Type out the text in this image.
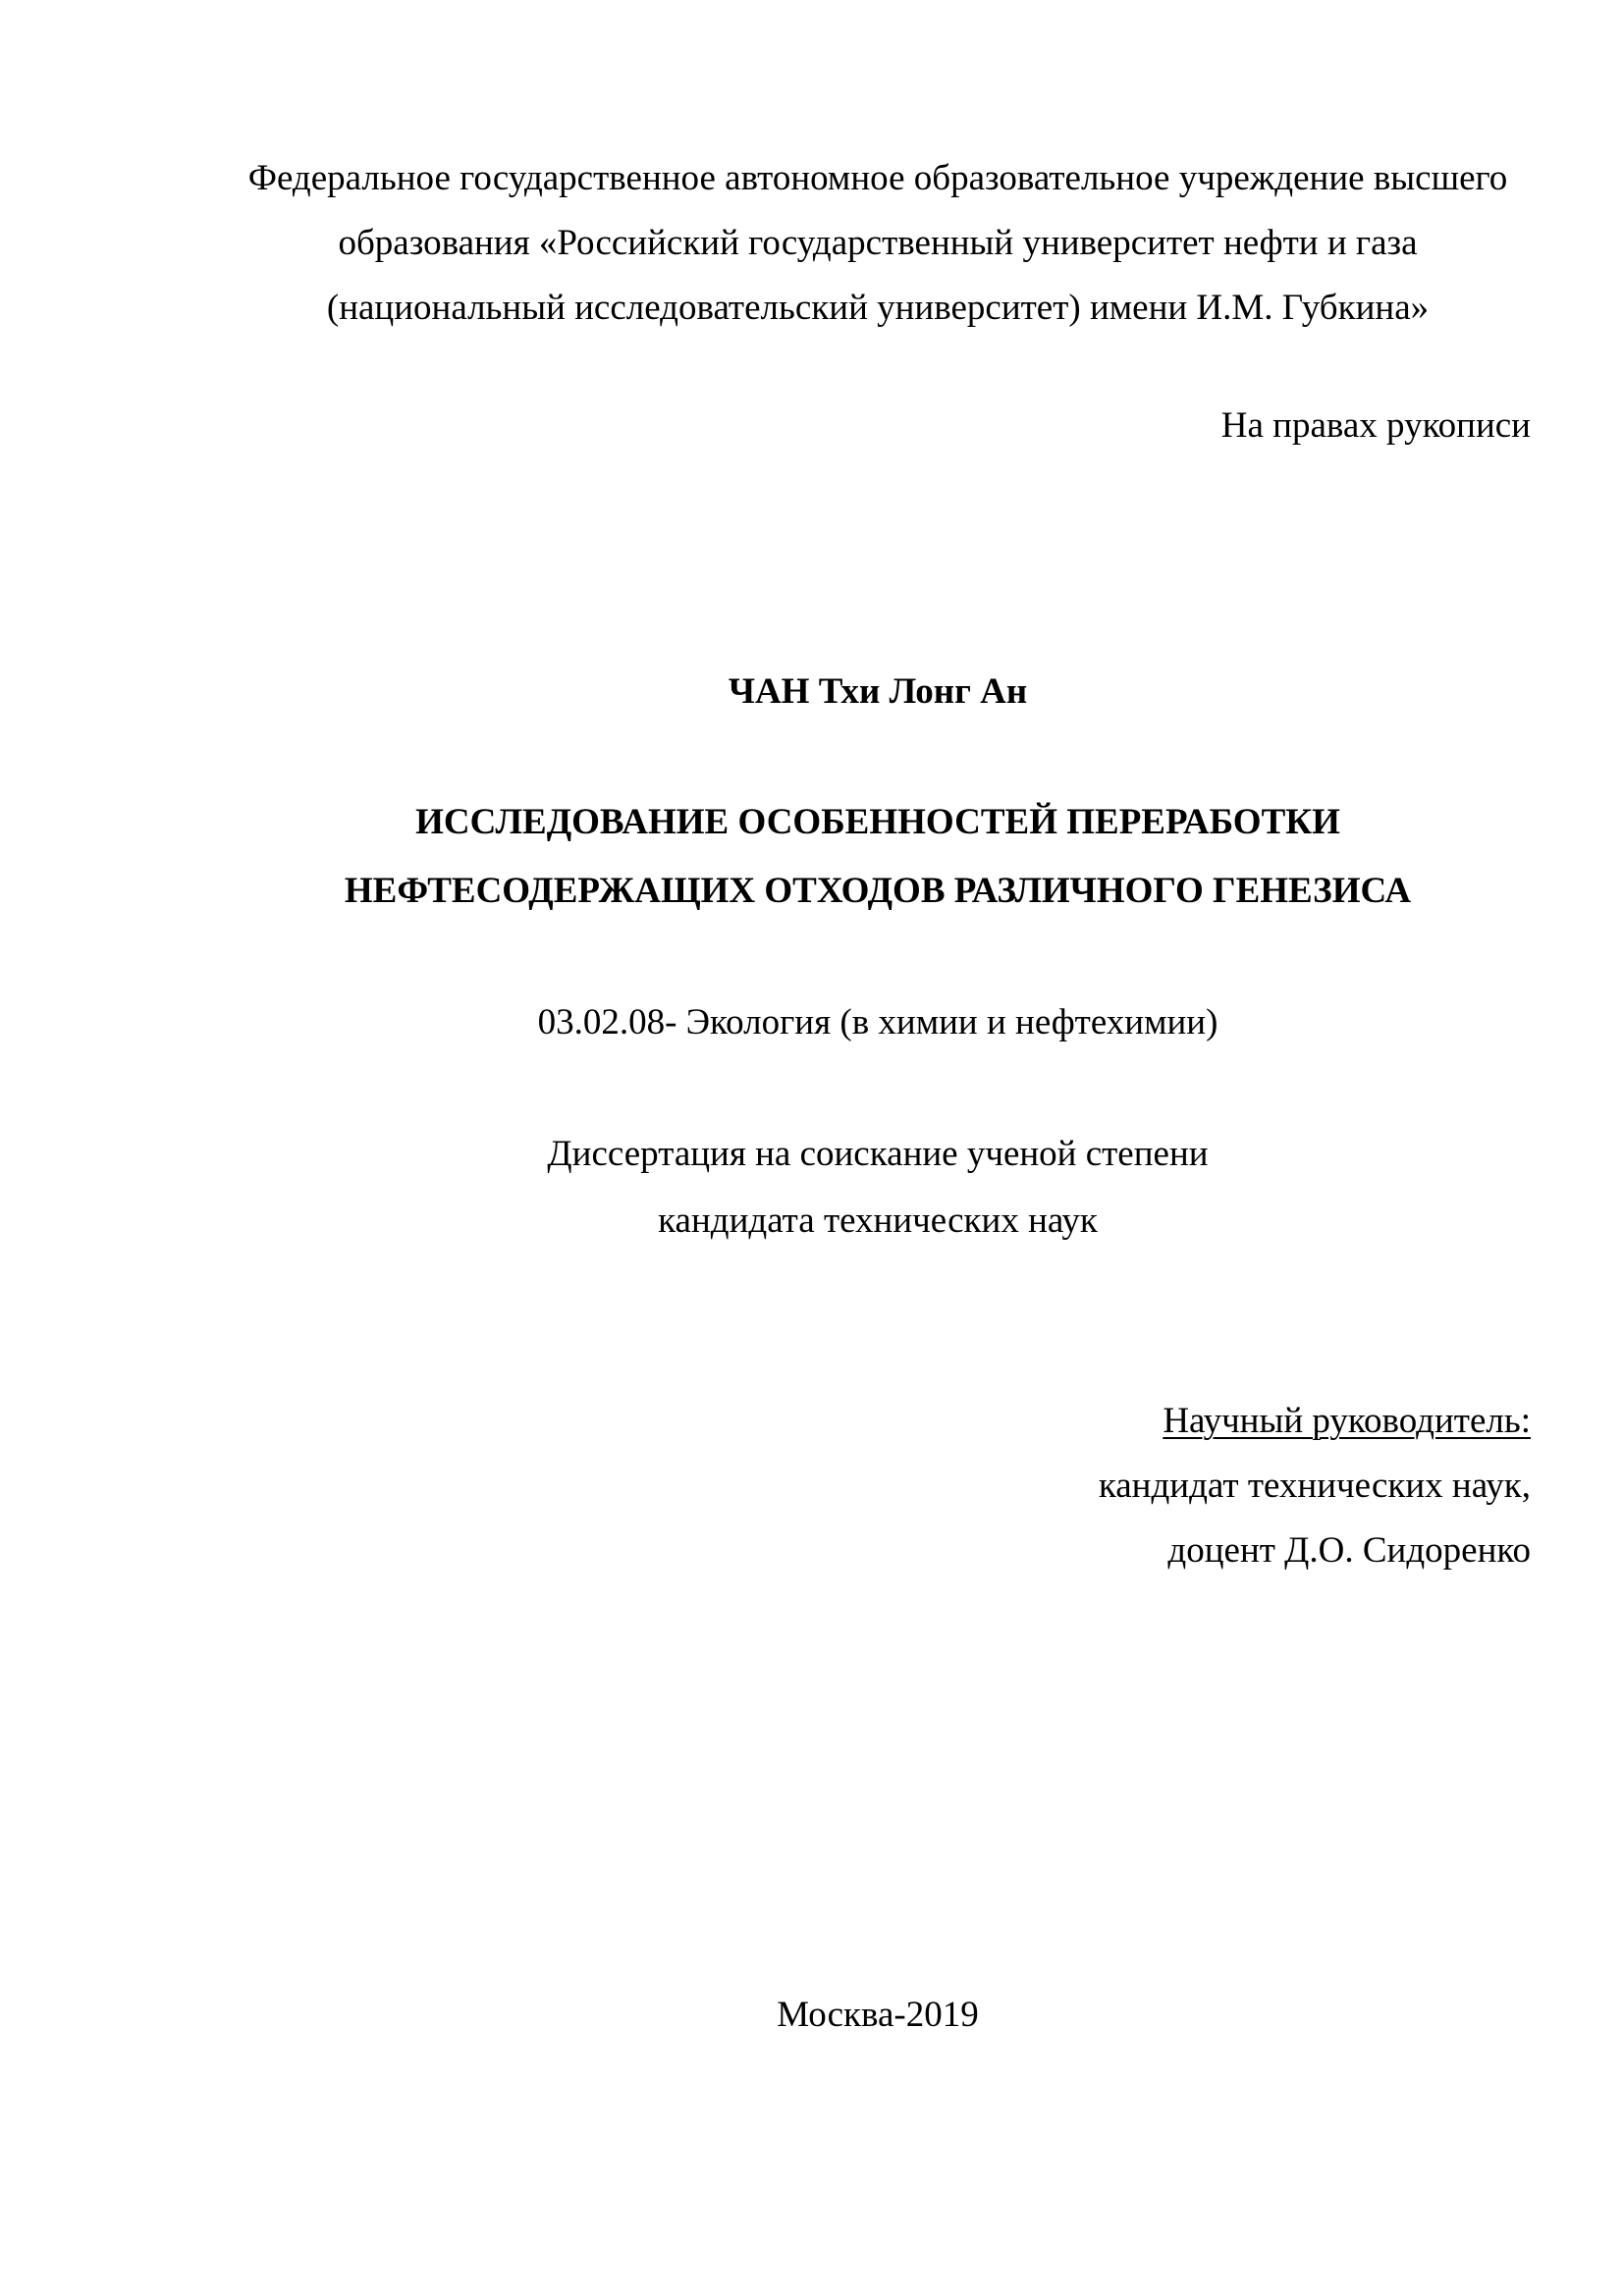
Федеральное государственное автономное образовательное учреждение высшего
образования «Российский государственный университет нефти и газа
(национальный исследовательский университет) имени И.М. Губкина»
На правах рукописи
ЧАН Тхи Лонг Ан
ИССЛЕДОВАНИЕ ОСОБЕННОСТЕЙ ПЕРЕРАБОТКИ
НЕФТЕСОДЕРЖАЩИХ ОТХОДОВ РАЗЛИЧНОГО ГЕНЕЗИСА
03.02.08- Экология (в химии и нефтехимии)
Диссертация на соискание ученой степени
кандидата технических наук
Научный руководитель:
кандидат технических наук,
доцент Д.О. Сидоренко
Москва-2019
